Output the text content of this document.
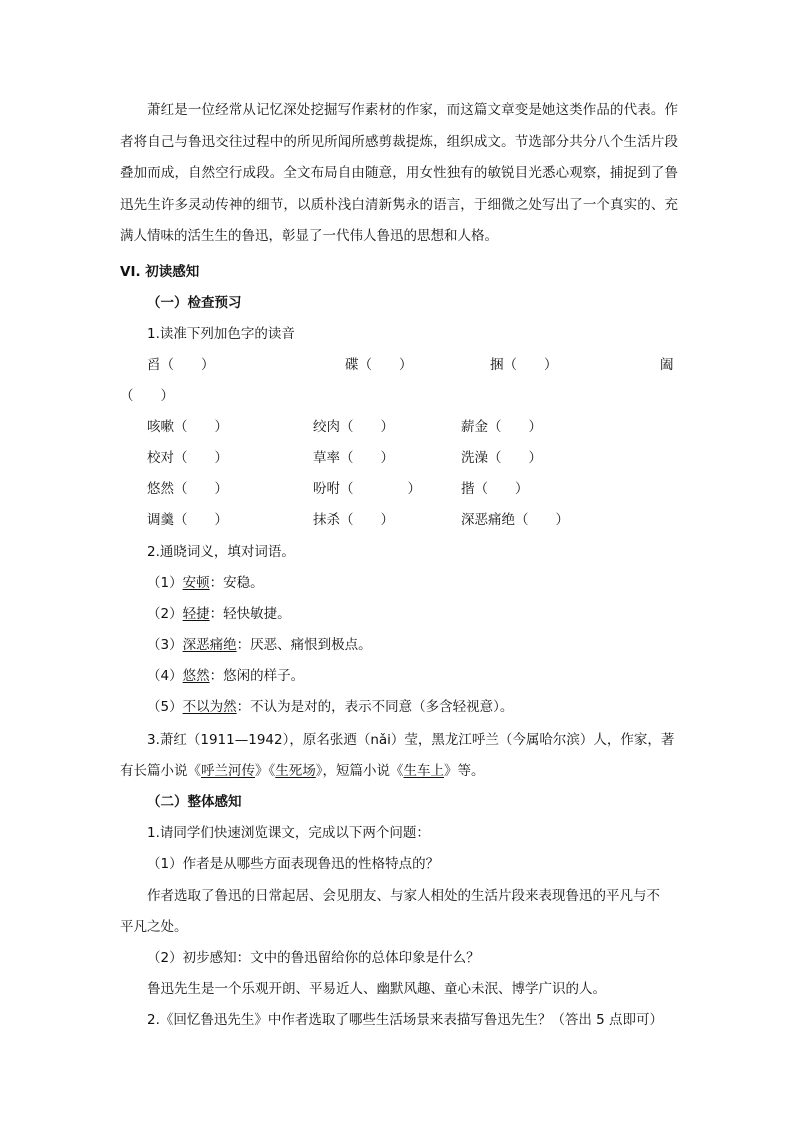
萧红是一位经常从记忆深处挖掘写作素材的作家，而这篇文章变是她这类作品的代表。作者将自己与鲁迅交往过程中的所见所闻所感剪裁提炼，组织成文。节选部分共分八个生活片段叠加而成，自然空行成段。全文布局自由随意，用女性独有的敏锐目光悉心观察，捕捉到了鲁迅先生许多灵动传神的细节，以质朴浅白清新隽永的语言，于细微之处写出了一个真实的、充满人情味的活生生的鲁迅，彰显了一代伟人鲁迅的思想和人格。

VI. 初读感知
（一）检查预习
1.读准下列加色字的读音
舀（　　）	碟（　　）	捆（　　）	阖
（　　）
咳嗽（　　）	绞肉（　　）	薪金（　　）
校对（　　）	草率（　　）	洗澡（　　）
悠然（　　）	吩咐（　　　　）	揩（　　）
调羹（　　）	抹杀（　　）	深恶痛绝（　　）
2.通晓词义，填对词语。
（1）安顿：安稳。
（2）轻捷：轻快敏捷。
（3）深恶痛绝：厌恶、痛恨到极点。
（4）悠然：悠闲的样子。
（5）不以为然：不认为是对的，表示不同意（多含轻视意）。
3.萧红（1911—1942），原名张迺（nǎi）莹，黑龙江呼兰（今属哈尔滨）人，作家，著
有长篇小说《呼兰河传》《生死场》，短篇小说《生车上》等。
（二）整体感知
1.请同学们快速浏览课文，完成以下两个问题：
（1）作者是从哪些方面表现鲁迅的性格特点的？
作者选取了鲁迅的日常起居、会见朋友、与家人相处的生活片段来表现鲁迅的平凡与不
平凡之处。
（2）初步感知：文中的鲁迅留给你的总体印象是什么？
鲁迅先生是一个乐观开朗、平易近人、幽默风趣、童心未泯、博学广识的人。
2.《回忆鲁迅先生》中作者选取了哪些生活场景来表描写鲁迅先生？（答出 5 点即可）
